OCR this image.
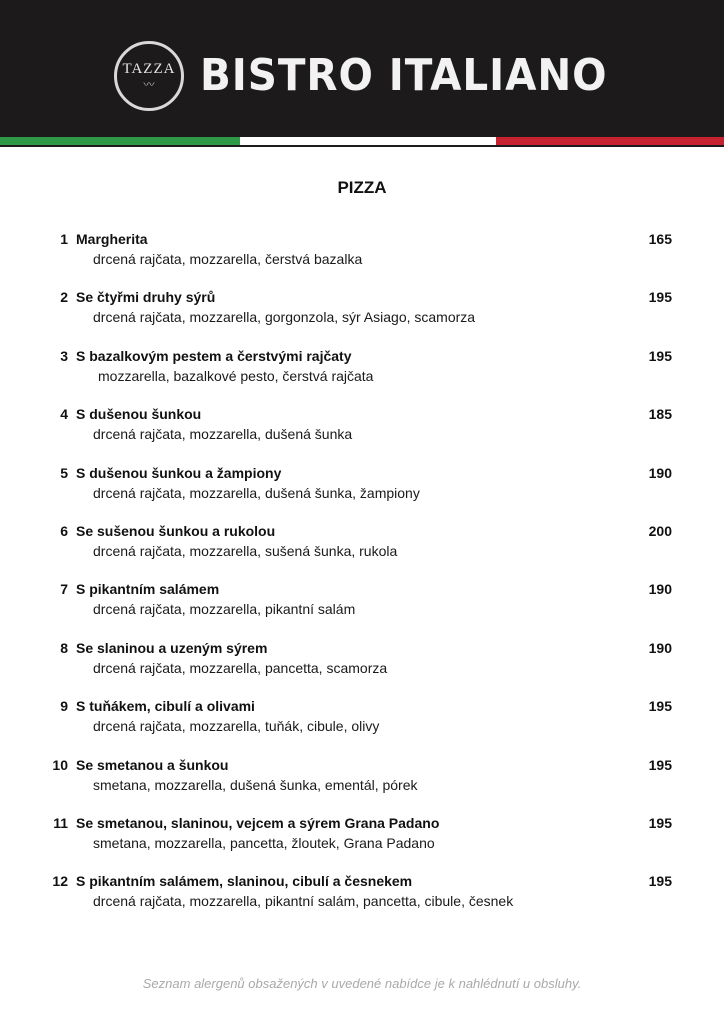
TAZZA
〰 BISTRO ITALIANO
PIZZA
1 Margherita	165
drcená rajčata, mozzarella, čerstvá bazalka
2 Se čtyřmi druhy sýrů	195
drcená rajčata, mozzarella, gorgonzola, sýr Asiago, scamorza
3 S bazalkovým pestem a čerstvými rajčaty	195
mozzarella, bazalkové pesto, čerstvá rajčata
4 S dušenou šunkou	185
drcená rajčata, mozzarella, dušená šunka
5 S dušenou šunkou a žampiony	190
drcená rajčata, mozzarella, dušená šunka, žampiony
6 Se sušenou šunkou a rukolou	200
drcená rajčata, mozzarella, sušená šunka, rukola
7 S pikantním salámem	190
drcená rajčata, mozzarella, pikantní salám
8 Se slaninou a uzeným sýrem	190
drcená rajčata, mozzarella, pancetta, scamorza
9 S tuňákem, cibulí a olivami	195
drcená rajčata, mozzarella, tuňák, cibule, olivy
10 Se smetanou a šunkou	195
smetana, mozzarella, dušená šunka, ementál, pórek
11 Se smetanou, slaninou, vejcem a sýrem Grana Padano	195
smetana, mozzarella, pancetta, žloutek, Grana Padano
12 S pikantním salámem, slaninou, cibulí a česnekem	195
drcená rajčata, mozzarella, pikantní salám, pancetta, cibule, česnek
Seznam alergenů obsažených v uvedené nabídce je k nahlédnutí u obsluhy.
